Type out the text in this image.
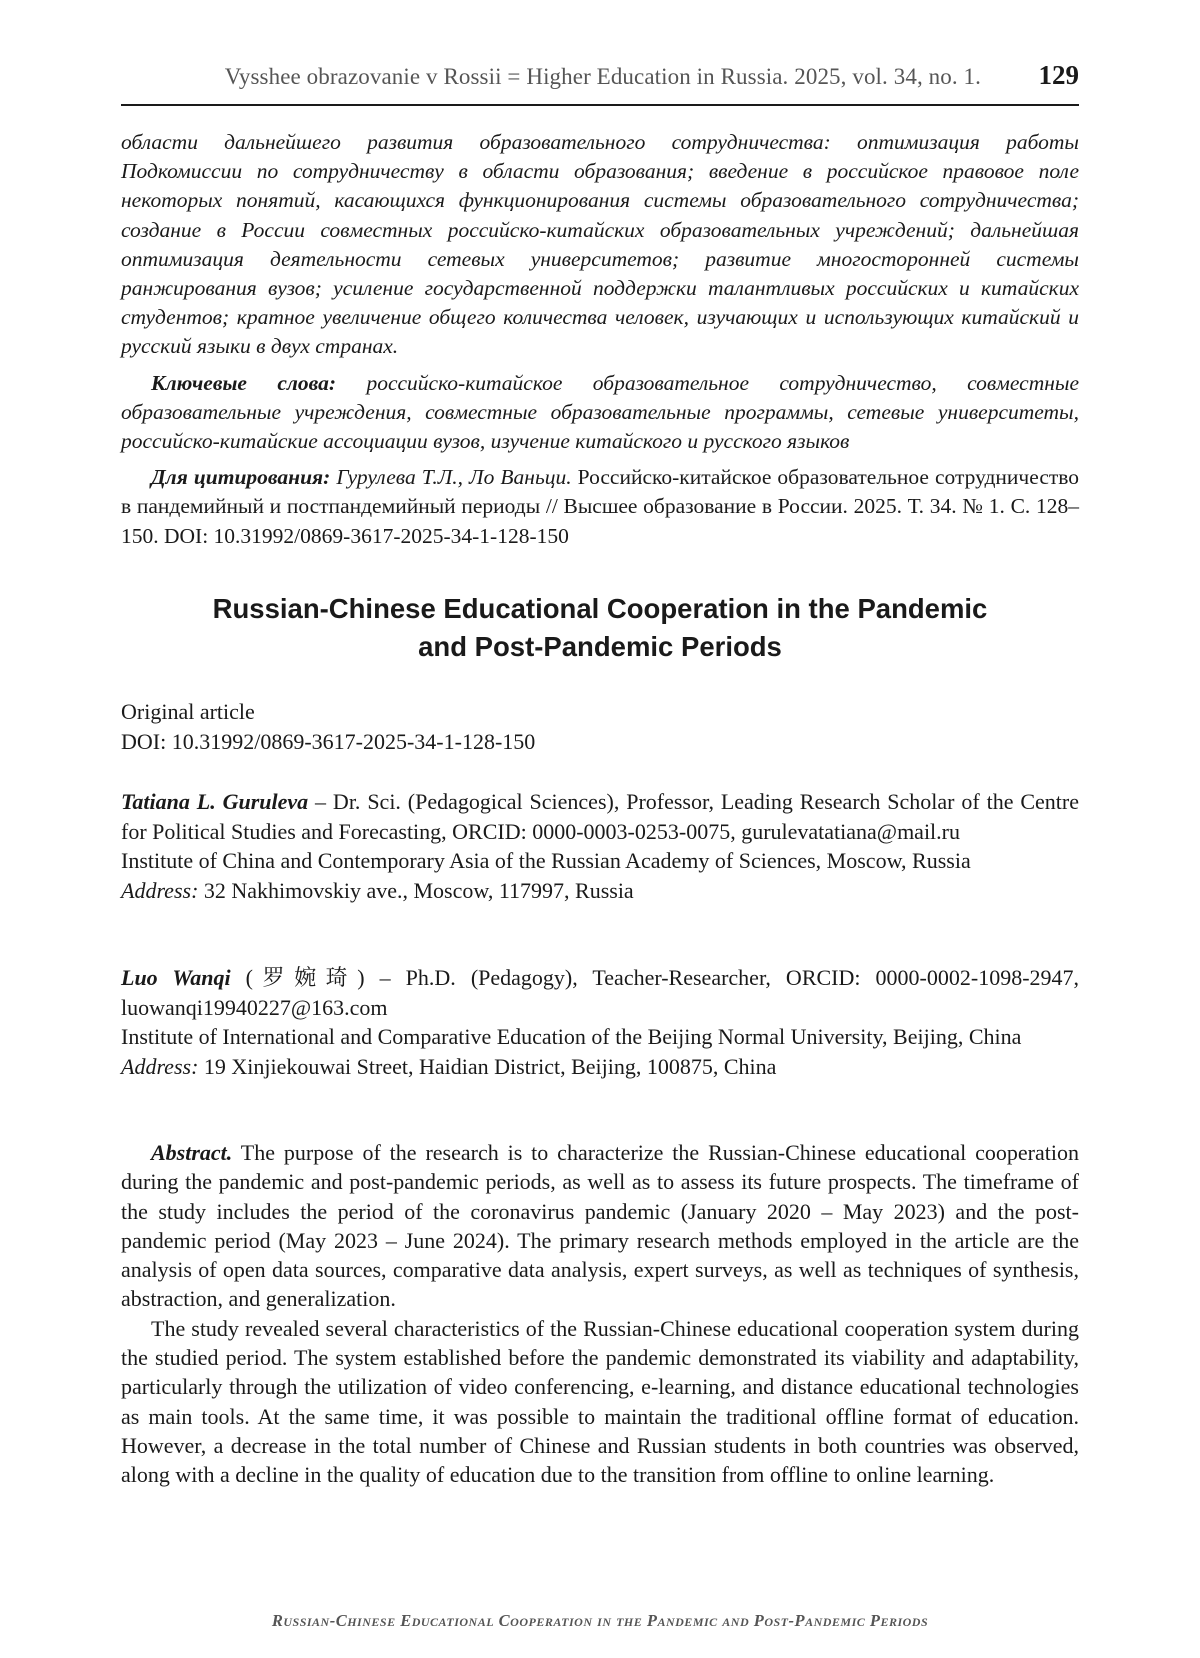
Vysshee obrazovanie v Rossii = Higher Education in Russia. 2025, vol. 34, no. 1. 129

области дальнейшего развития образовательного сотрудничества: оптимизация работы Подкомиссии по сотрудничеству в области образования; введение в российское правовое поле некоторых понятий, касающихся функционирования системы образовательного сотрудничества; создание в России совместных российско-китайских образовательных учреждений; дальнейшая оптимизация деятельности сетевых университетов; развитие многосторонней системы ранжирования вузов; усиление государственной поддержки талантливых российских и китайских студентов; кратное увеличение общего количества человек, изучающих и использующих китайский и русский языки в двух странах.

Ключевые слова: российско-китайское образовательное сотрудничество, совместные образовательные учреждения, совместные образовательные программы, сетевые университеты, российско-китайские ассоциации вузов, изучение китайского и русского языков

Для цитирования: Гурулева Т.Л., Ло Ваньци. Российско-китайское образовательное сотрудничество в пандемийный и постпандемийный периоды // Высшее образование в России. 2025. Т. 34. № 1. С. 128–150. DOI: 10.31992/0869-3617-2025-34-1-128-150

Russian-Chinese Educational Cooperation in the Pandemic
and Post-Pandemic Periods
Original article
DOI: 10.31992/0869-3617-2025-34-1-128-150

Tatiana L. Guruleva – Dr. Sci. (Pedagogical Sciences), Professor, Leading Research Scholar of the Centre for Political Studies and Forecasting, ORCID: 0000-0003-0253-0075, gurulevatatiana@mail.ru

Institute of China and Contemporary Asia of the Russian Academy of Sciences, Moscow, Russia

Address: 32 Nakhimovskiy ave., Moscow, 117997, Russia

Luo Wanqi (罗婉琦) – Ph.D. (Pedagogy), Teacher-Researcher, ORCID: 0000-0002-1098-2947, luowanqi19940227@163.com

Institute of International and Comparative Education of the Beijing Normal University, Beijing, China

Address: 19 Xinjiekouwai Street, Haidian District, Beijing, 100875, China

Abstract. The purpose of the research is to characterize the Russian-Chinese educational cooperation during the pandemic and post-pandemic periods, as well as to assess its future prospects. The timeframe of the study includes the period of the coronavirus pandemic (January 2020 – May 2023) and the post-pandemic period (May 2023 – June 2024). The primary research methods employed in the article are the analysis of open data sources, comparative data analysis, expert surveys, as well as techniques of synthesis, abstraction, and generalization.

The study revealed several characteristics of the Russian-Chinese educational cooperation system during the studied period. The system established before the pandemic demonstrated its viability and adaptability, particularly through the utilization of video conferencing, e-learning, and distance educational technologies as main tools. At the same time, it was possible to maintain the traditional offline format of education. However, a decrease in the total number of Chinese and Russian students in both countries was observed, along with a decline in the quality of education due to the transition from offline to online learning.

Russian-Chinese Educational Cooperation in the Pandemic and Post-Pandemic Periods
